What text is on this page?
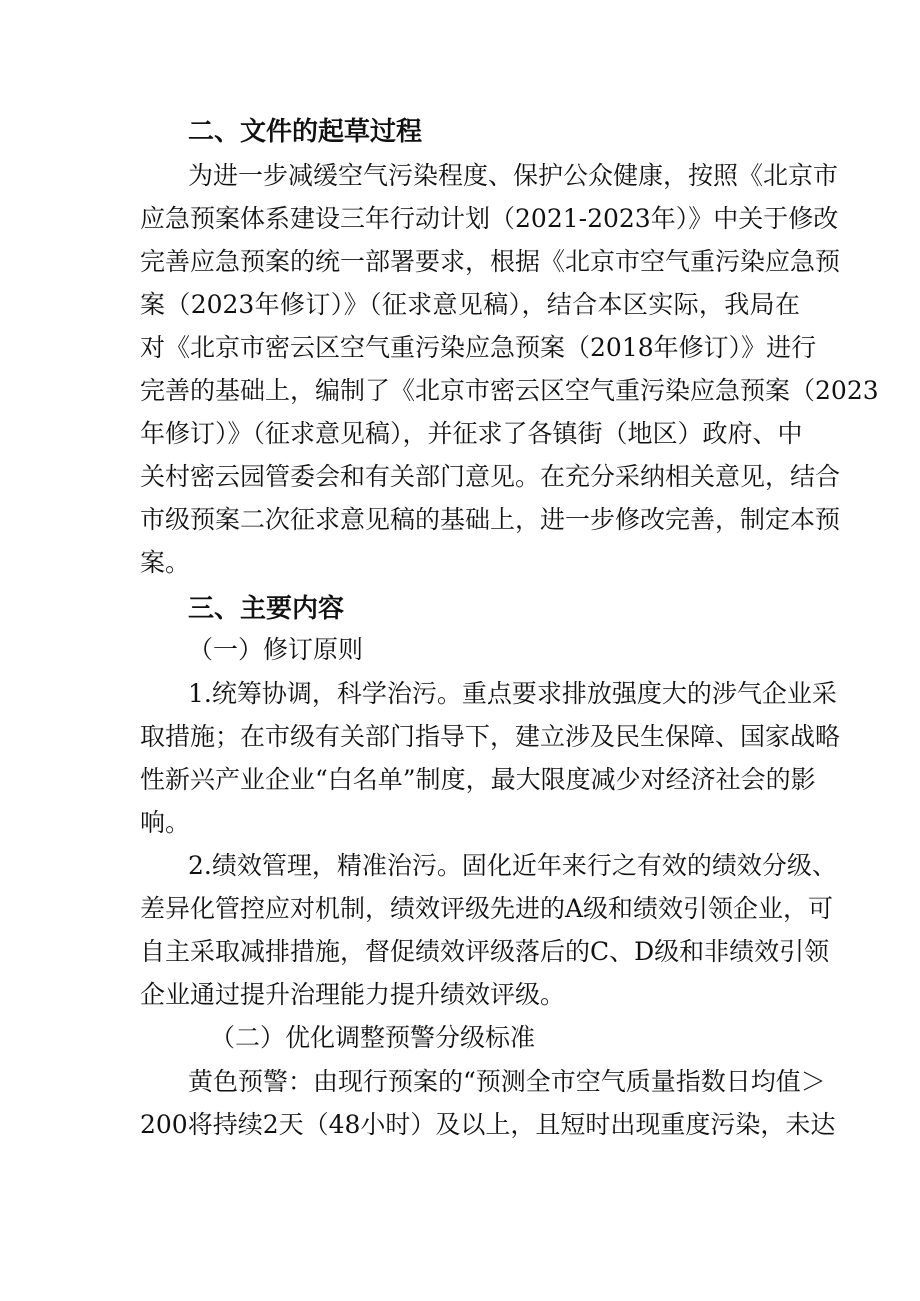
二、文件的起草过程
为进一步减缓空气污染程度、保护公众健康，按照《北京市
应急预案体系建设三年行动计划（2021-2023年）》中关于修改
完善应急预案的统一部署要求，根据《北京市空气重污染应急预
案（2023年修订）》（征求意见稿），结合本区实际，我局在
对《北京市密云区空气重污染应急预案（2018年修订）》进行
完善的基础上，编制了《北京市密云区空气重污染应急预案（2023
年修订）》（征求意见稿），并征求了各镇街（地区）政府、中
关村密云园管委会和有关部门意见。在充分采纳相关意见，结合
市级预案二次征求意见稿的基础上，进一步修改完善，制定本预
案。
三、主要内容
（一）修订原则
1.统筹协调，科学治污。重点要求排放强度大的涉气企业采
取措施；在市级有关部门指导下，建立涉及民生保障、国家战略
性新兴产业企业“白名单”制度，最大限度减少对经济社会的影
响。
2.绩效管理，精准治污。固化近年来行之有效的绩效分级、
差异化管控应对机制，绩效评级先进的A级和绩效引领企业，可
自主采取减排措施，督促绩效评级落后的C、D级和非绩效引领
企业通过提升治理能力提升绩效评级。
（二）优化调整预警分级标准
黄色预警：由现行预案的“预测全市空气质量指数日均值＞
200将持续2天（48小时）及以上，且短时出现重度污染，未达
